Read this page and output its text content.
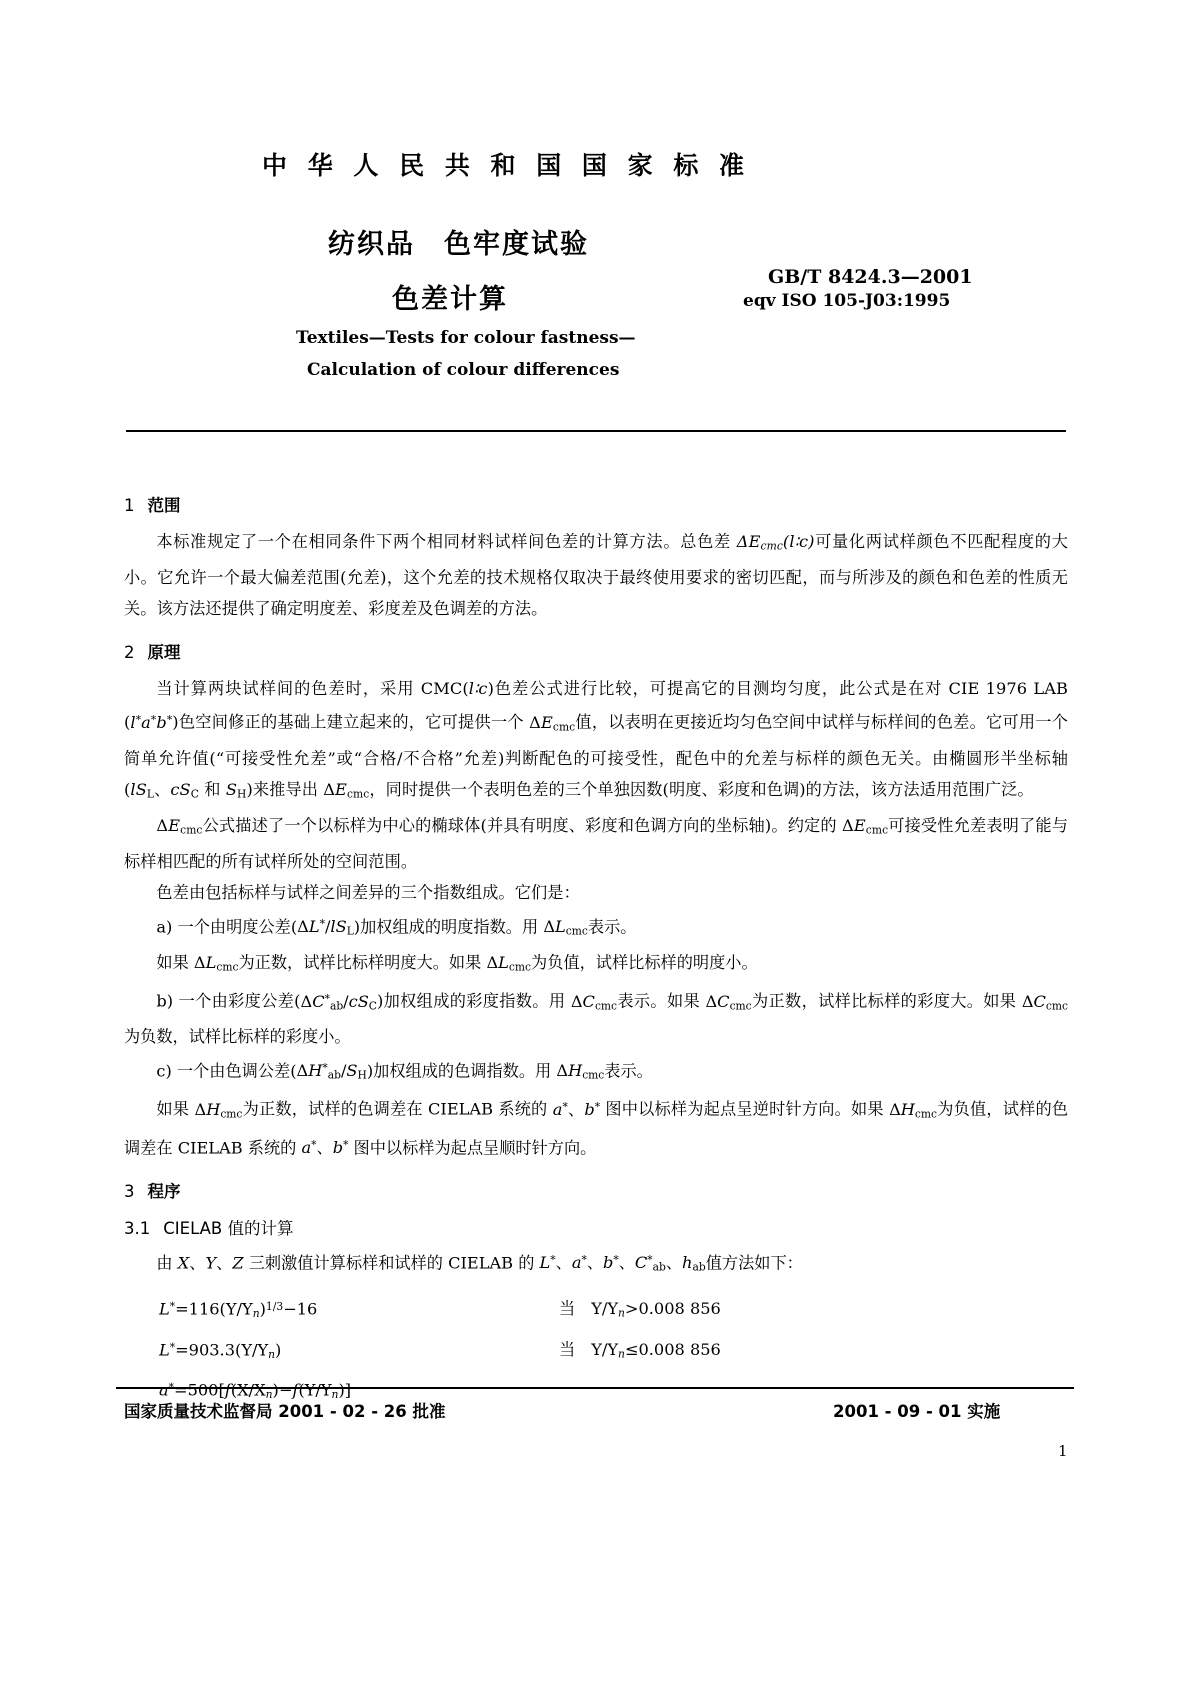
中 华 人 民 共 和 国 国 家 标 准
纺织品　色牢度试验
色差计算
GB/T 8424.3—2001
eqv ISO 105-J03:1995
Textiles—Tests for colour fastness—
Calculation of colour differences
1 范围

本标准规定了一个在相同条件下两个相同材料试样间色差的计算方法。总色差 $\Delta E_{cmc}(l∶c)$可量化两试样颜色不匹配程度的大小。它允许一个最大偏差范围(允差)，这个允差的技术规格仅取决于最终使用要求的密切匹配，而与所涉及的颜色和色差的性质无关。该方法还提供了确定明度差、彩度差及色调差的方法。

2 原理

当计算两块试样间的色差时，采用 CMC(l∶c)色差公式进行比较，可提高它的目测均匀度，此公式是在对 CIE 1976 LAB (l*a*b*)色空间修正的基础上建立起来的，它可提供一个 $\Delta E_{cmc}$值，以表明在更接近均匀色空间中试样与标样间的色差。它可用一个简单允许值(“可接受性允差”或“合格/不合格”允差)判断配色的可接受性，配色中的允差与标样的颜色无关。由椭圆形半坐标轴($lS_L$、$cS_C$ 和 $S_H$)来推导出 $\Delta E_{cmc}$，同时提供一个表明色差的三个单独因数(明度、彩度和色调)的方法，该方法适用范围广泛。

$\Delta E_{cmc}$公式描述了一个以标样为中心的椭球体(并具有明度、彩度和色调方向的坐标轴)。约定的 $\Delta E_{cmc}$可接受性允差表明了能与标样相匹配的所有试样所处的空间范围。

色差由包括标样与试样之间差异的三个指数组成。它们是：

a) 一个由明度公差$(\Delta L^*/lS_L)$加权组成的明度指数。用 $\Delta L_{cmc}$表示。

如果 $\Delta L_{cmc}$为正数，试样比标样明度大。如果 $\Delta L_{cmc}$为负值，试样比标样的明度小。

b) 一个由彩度公差$(\Delta C^*_{ab}/cS_C)$加权组成的彩度指数。用 $\Delta C_{cmc}$表示。如果 $\Delta C_{cmc}$为正数，试样比标样的彩度大。如果 $\Delta C_{cmc}$为负数，试样比标样的彩度小。

c) 一个由色调公差$(\Delta H^*_{ab}/S_H)$加权组成的色调指数。用 $\Delta H_{cmc}$表示。

如果 $\Delta H_{cmc}$为正数，试样的色调差在 CIELAB 系统的 a*、b* 图中以标样为起点呈逆时针方向。如果 $\Delta H_{cmc}$为负值，试样的色调差在 CIELAB 系统的 a*、b* 图中以标样为起点呈顺时针方向。

3 程序
3.1 CIELAB 值的计算

由 X、Y、Z 三刺激值计算标样和试样的 CIELAB 的 L*、a*、b*、$C^*_{ab}$、$h_{ab}$值方法如下：

$L^*=116(Y/Y_n)^{1/3}-16$	当 $Y/Y_n>0.008$ 856
$L^*=903.3(Y/Y_n)$	当 $Y/Y_n\le 0.008$ 856
$a^*=500[f(X/X_n)-f(Y/Y_n)]$
国家质量技术监督局 2001 - 02 - 26 批准	2001 - 09 - 01 实施
1
